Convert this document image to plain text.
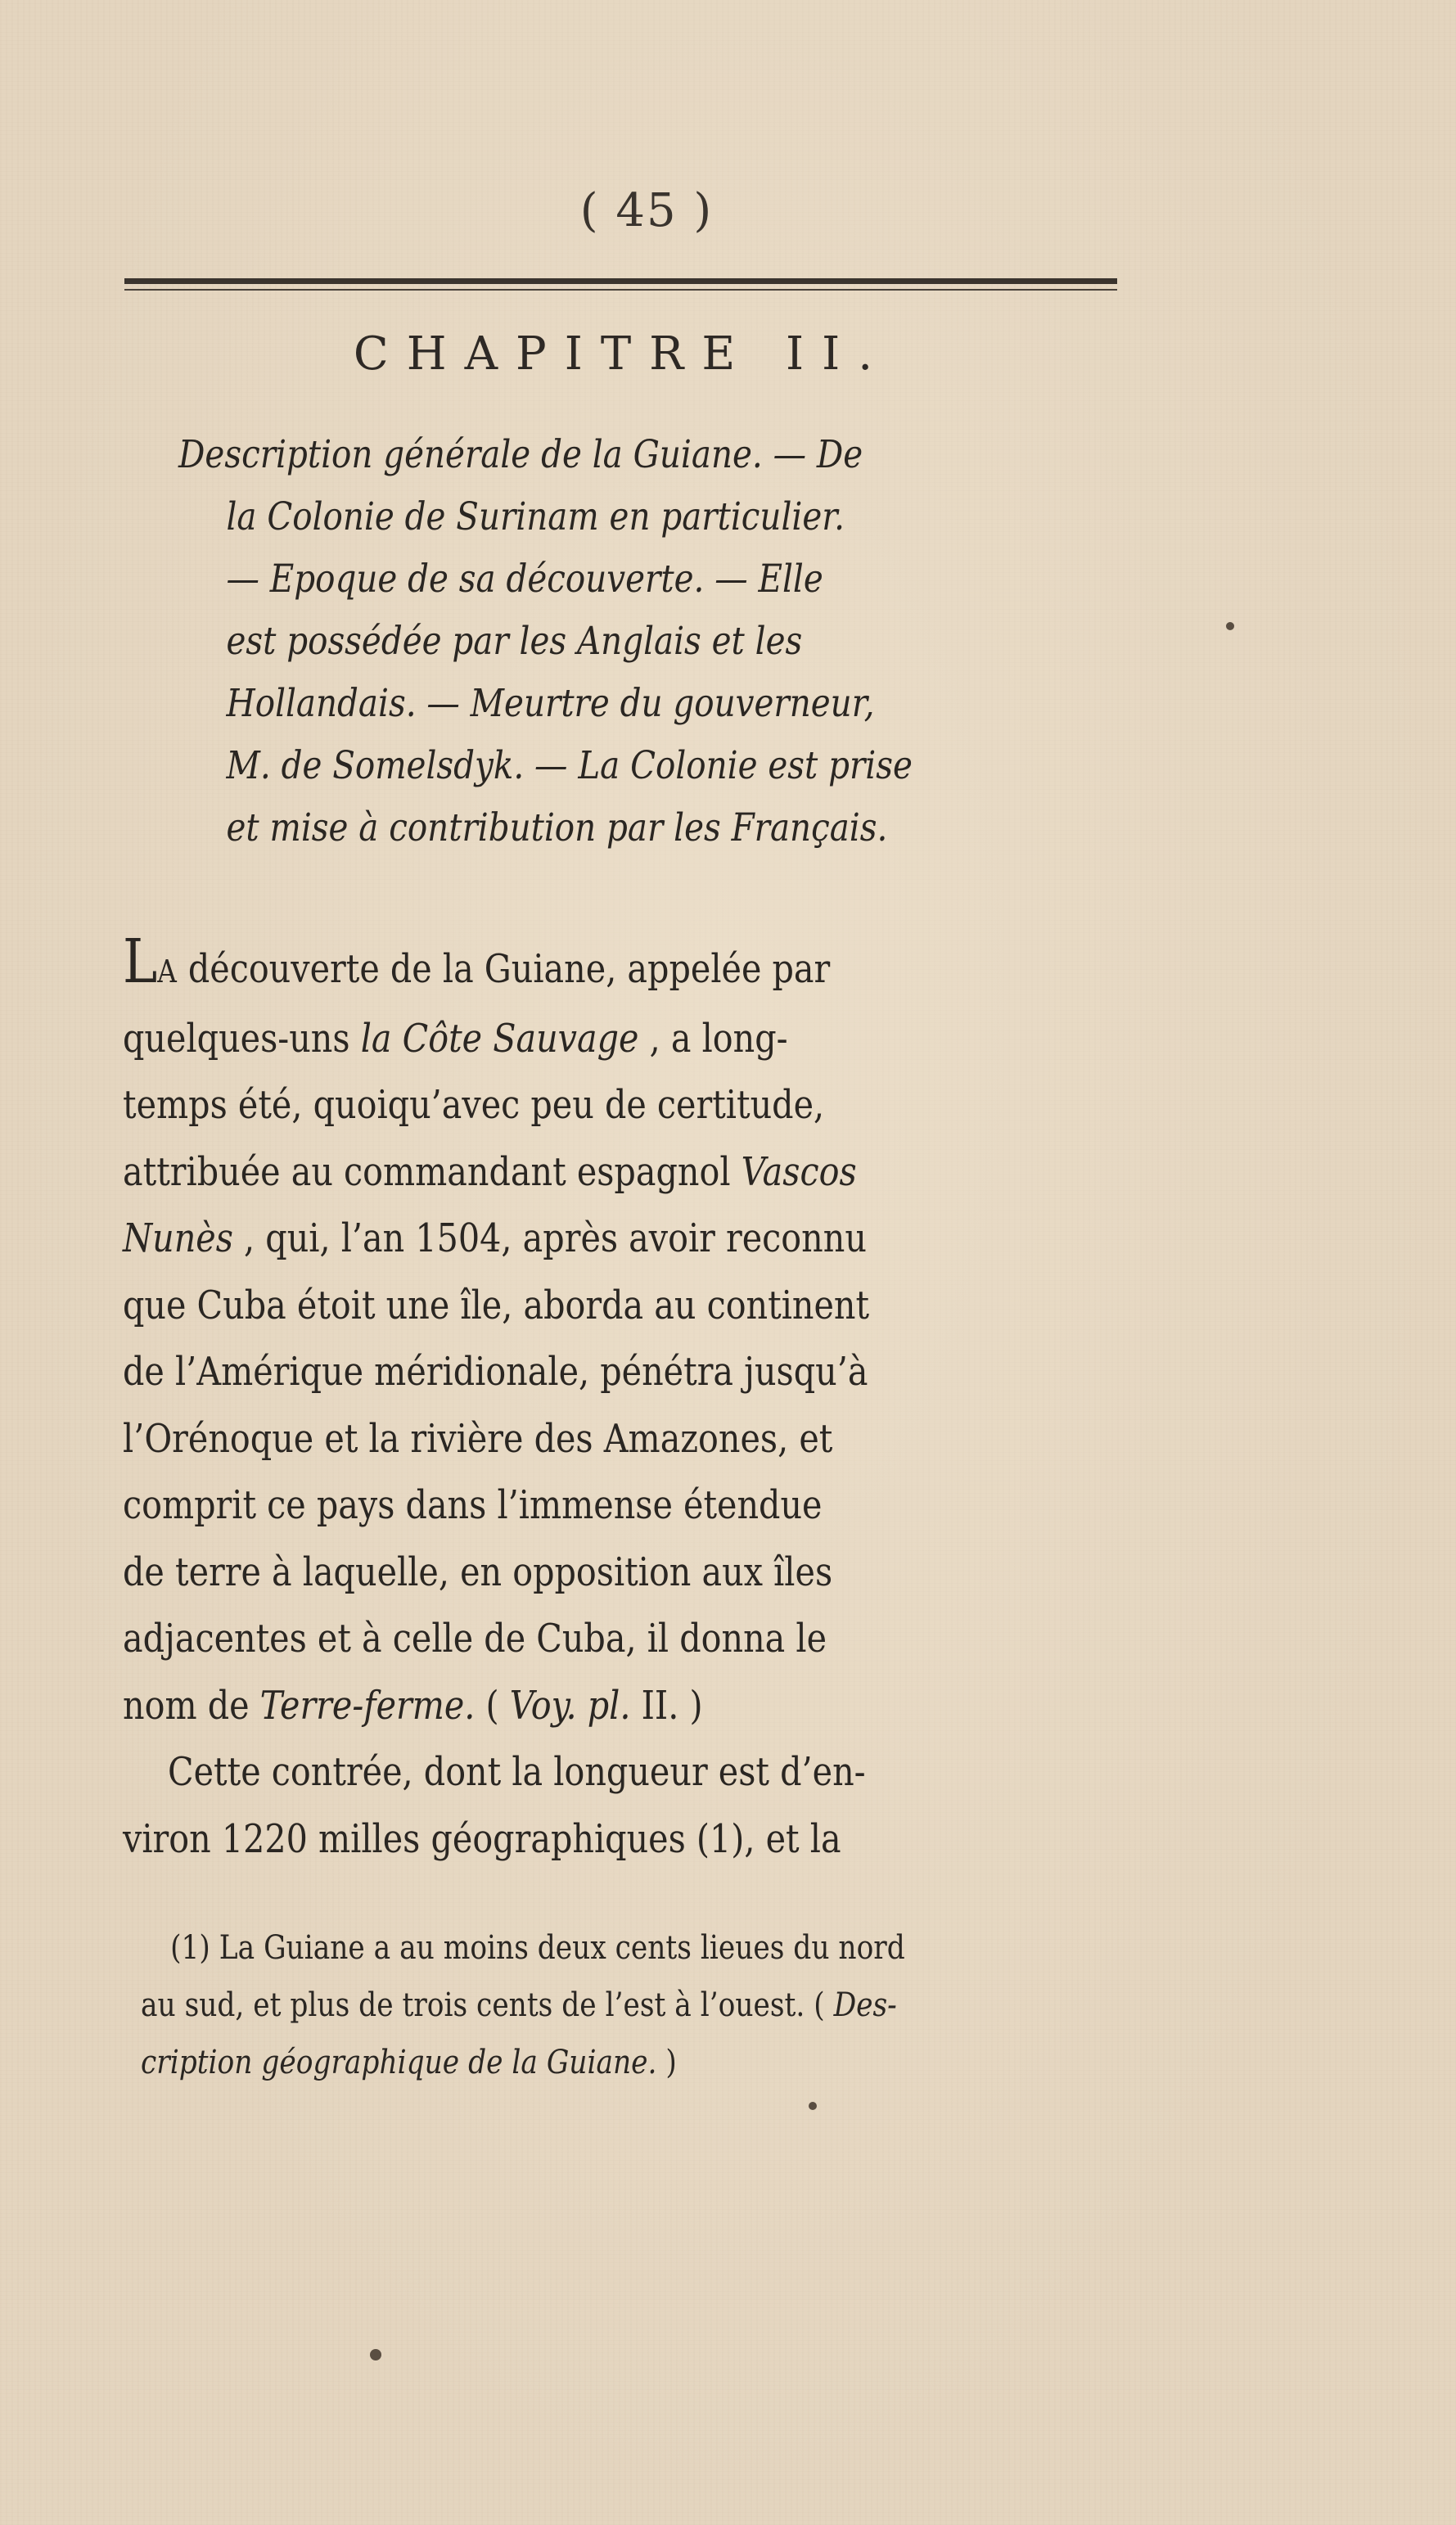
( 45 )
CHAPITRE II.
Description générale de la Guiane. — De
la Colonie de Surinam en particulier.
— Epoque de sa découverte. — Elle
est possédée par les Anglais et les
Hollandais. — Meurtre du gouverneur,
M. de Somelsdyk. — La Colonie est prise
et mise à contribution par les Français.
LA découverte de la Guiane, appelée par
quelques-uns la Côte Sauvage , a long-
temps été, quoiqu’avec peu de certitude,
attribuée au commandant espagnol Vascos
Nunès , qui, l’an 1504, après avoir reconnu
que Cuba étoit une île, aborda au continent
de l’Amérique méridionale, pénétra jusqu’à
l’Orénoque et la rivière des Amazones, et
comprit ce pays dans l’immense étendue
de terre à laquelle, en opposition aux îles
adjacentes et à celle de Cuba, il donna le
nom de Terre-ferme. ( Voy. pl. II. )
Cette contrée, dont la longueur est d’en-
viron 1220 milles géographiques (1), et la
(1) La Guiane a au moins deux cents lieues du nord
au sud, et plus de trois cents de l’est à l’ouest. ( Des-
cription géographique de la Guiane. )
